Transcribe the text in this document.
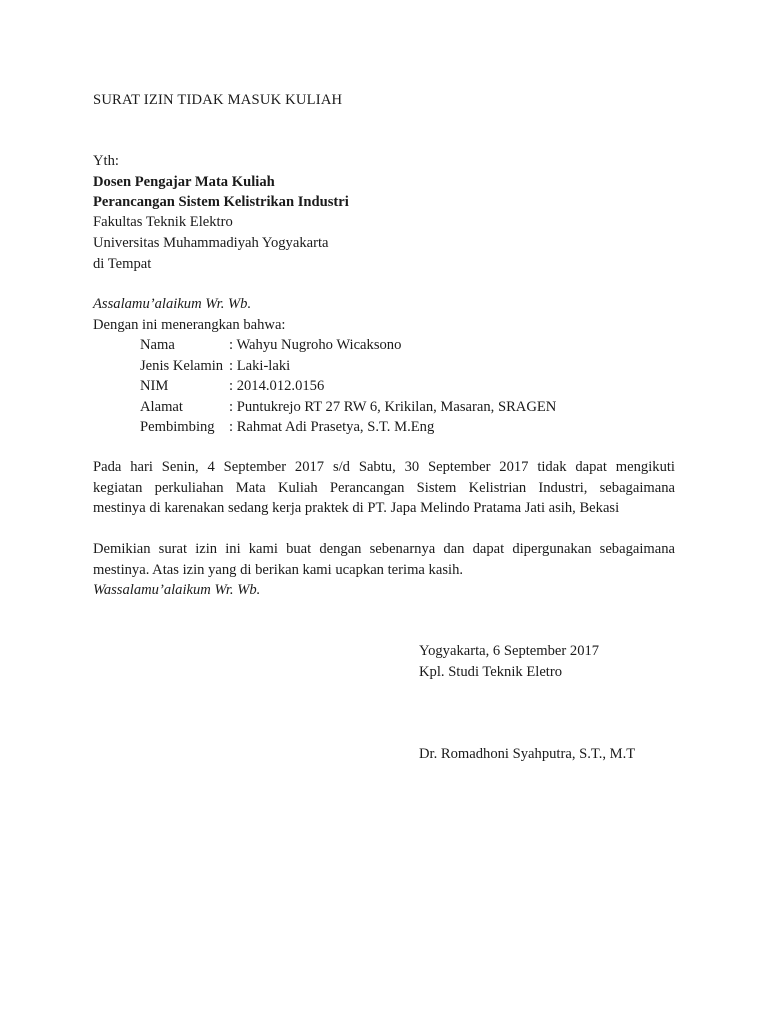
SURAT IZIN TIDAK MASUK KULIAH
Yth:
Dosen Pengajar Mata Kuliah
Perancangan Sistem Kelistrikan Industri
Fakultas Teknik Elektro
Universitas Muhammadiyah Yogyakarta
di Tempat
Assalamu’alaikum Wr. Wb.
Dengan ini menerangkan bahwa:
Nama	: Wahyu Nugroho Wicaksono
Jenis Kelamin : Laki-laki
NIM	: 2014.012.0156
Alamat	: Puntukrejo RT 27 RW 6, Krikilan, Masaran, SRAGEN
Pembimbing : Rahmat Adi Prasetya, S.T. M.Eng
Pada hari Senin, 4 September 2017 s/d Sabtu, 30 September 2017 tidak dapat mengikuti
kegiatan perkuliahan Mata Kuliah Perancangan Sistem Kelistrian Industri, sebagaimana
mestinya di karenakan sedang kerja praktek di PT. Japa Melindo Pratama Jati asih, Bekasi
Demikian surat izin ini kami buat dengan sebenarnya dan dapat dipergunakan sebagaimana
mestinya. Atas izin yang di berikan kami ucapkan terima kasih.
Wassalamu’alaikum Wr. Wb.
Yogyakarta, 6 September 2017
Kpl. Studi Teknik Eletro
Dr. Romadhoni Syahputra, S.T., M.T
